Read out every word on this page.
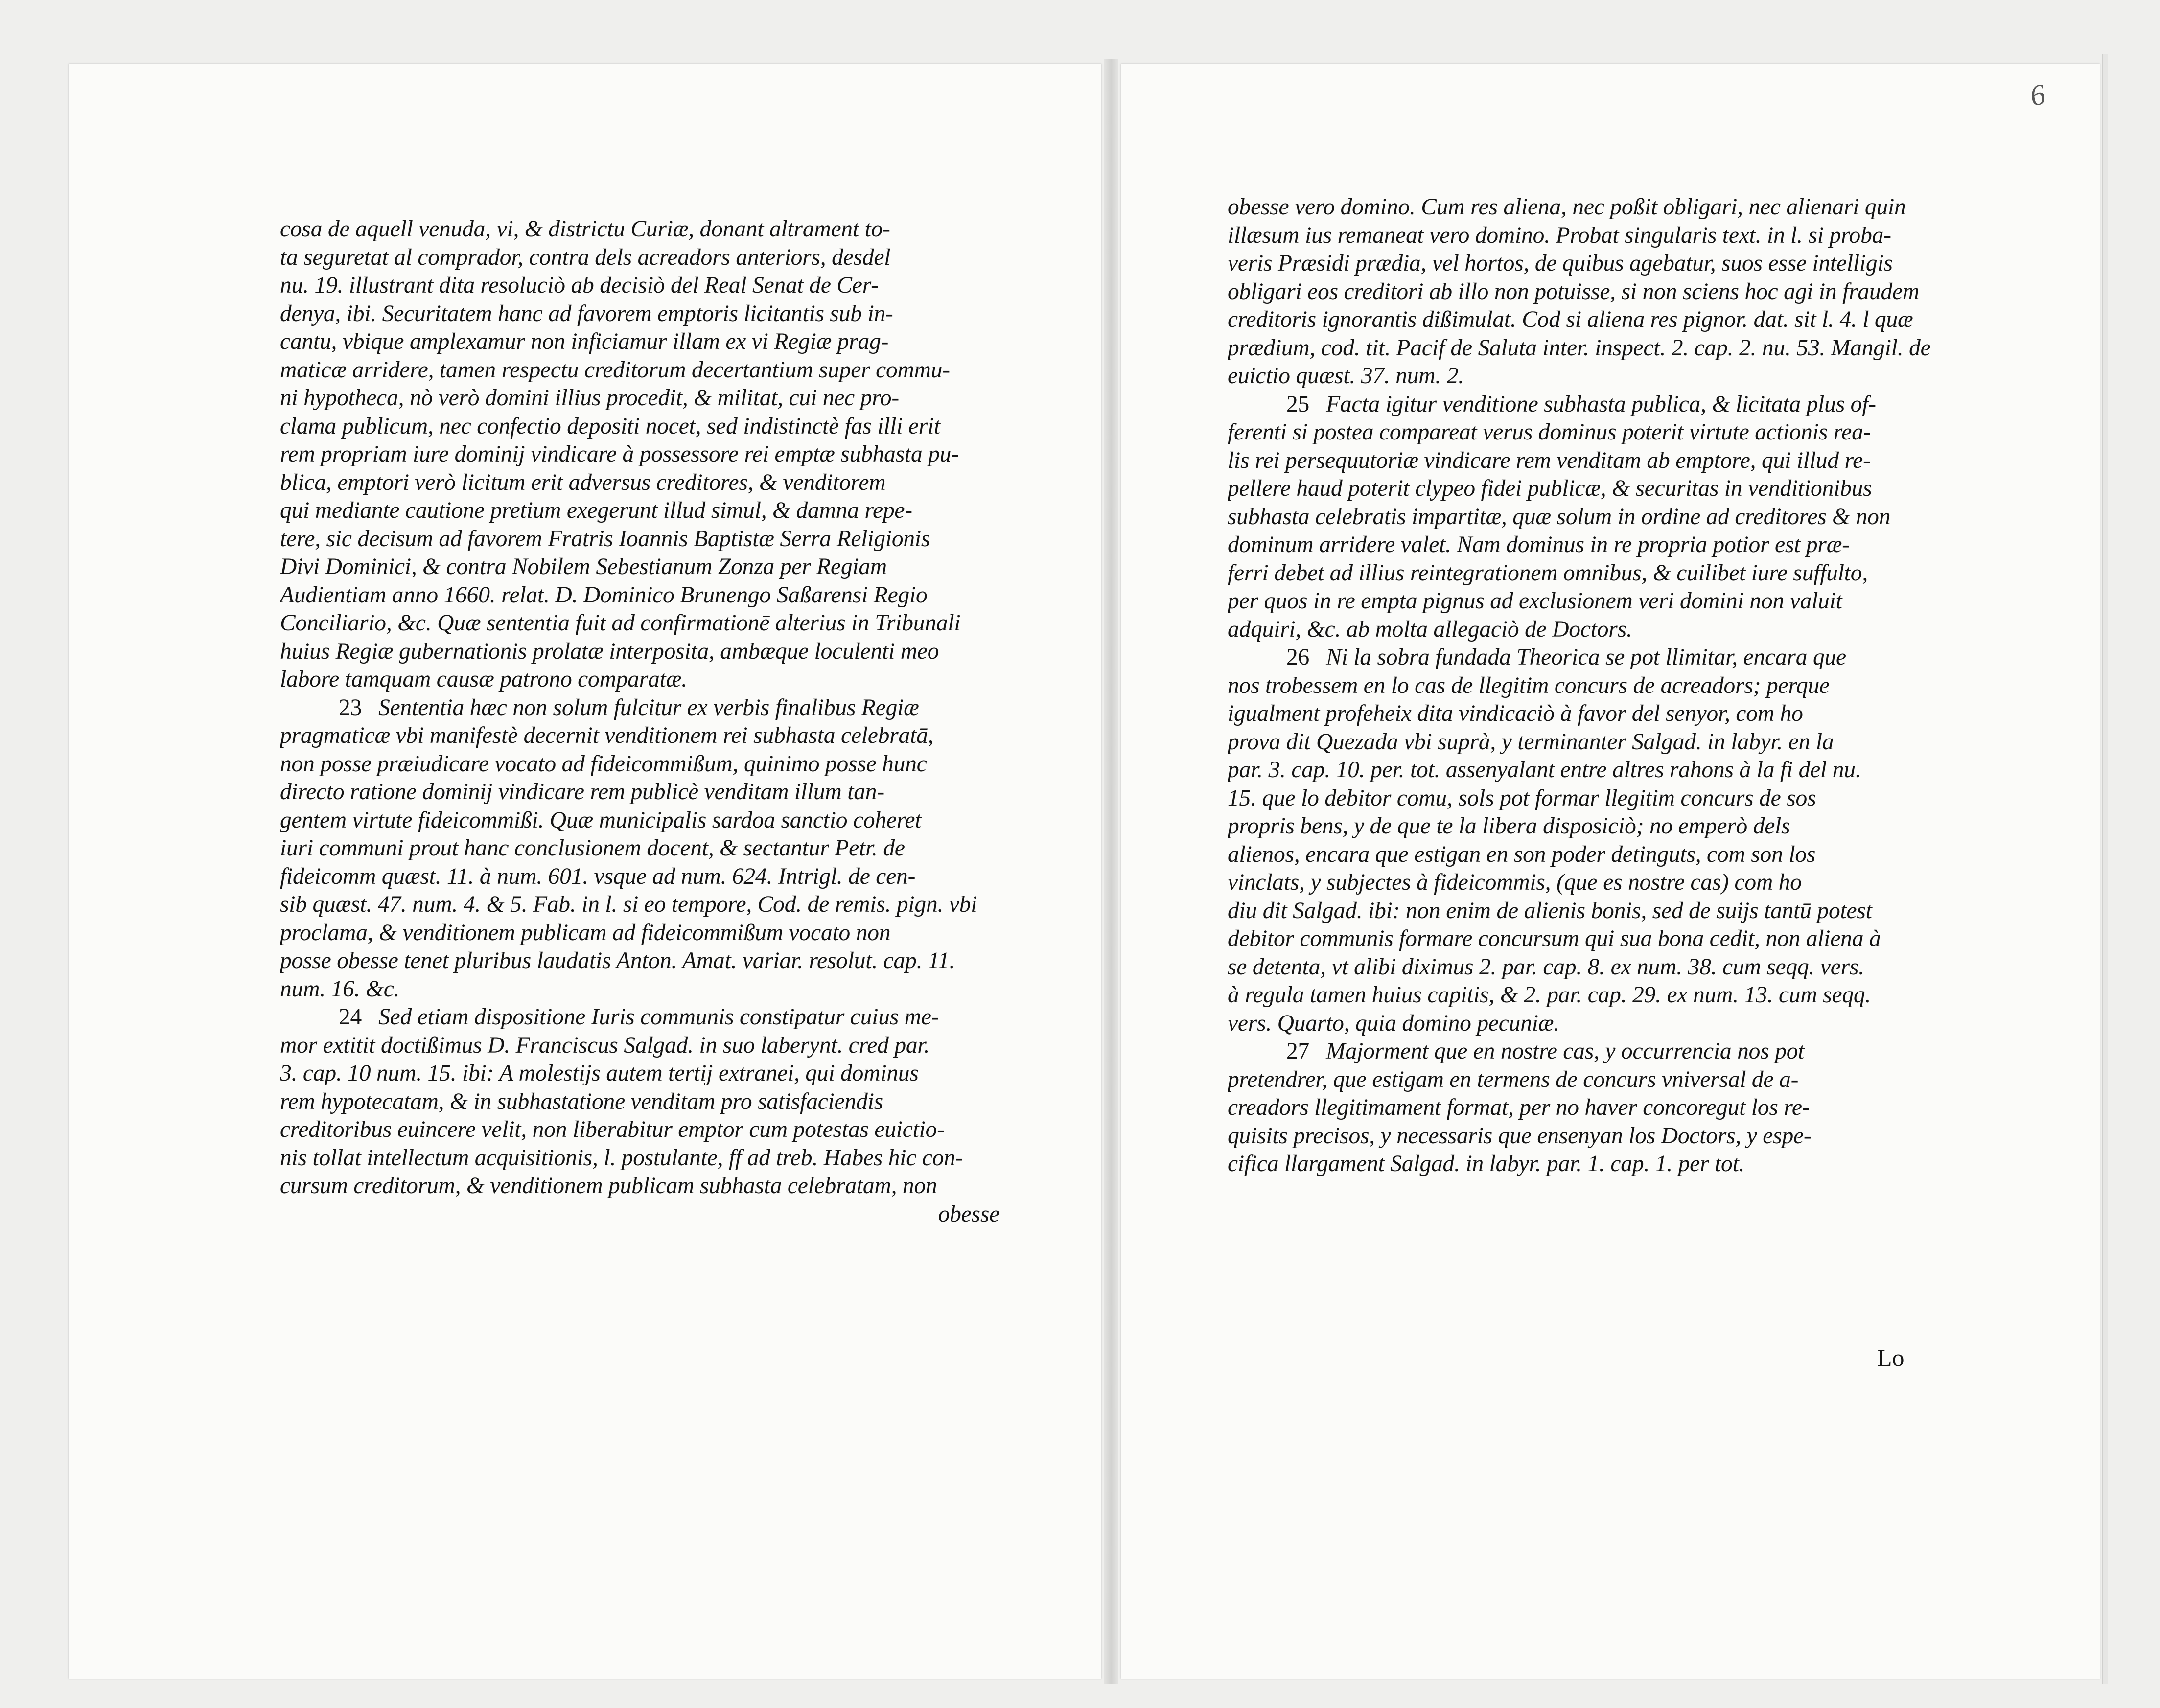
cosa de aquell venuda, vi, & districtu Curiæ, donant altrament to-
ta seguretat al comprador, contra dels acreadors anteriors, desdel
nu. 19. illustrant dita resoluciò ab decisiò del Real Senat de Cer-
denya, ibi. Securitatem hanc ad favorem emptoris licitantis sub in-
cantu, vbique amplexamur non inficiamur illam ex vi Regiæ prag-
maticæ arridere, tamen respectu creditorum decertantium super commu-
ni hypotheca, nò verò domini illius procedit, & militat, cui nec pro-
clama publicum, nec confectio depositi nocet, sed indistinctè fas illi erit
rem propriam iure dominij vindicare à possessore rei emptæ subhasta pu-
blica, emptori verò licitum erit adversus creditores, & venditorem
qui mediante cautione pretium exegerunt illud simul, & damna repe-
tere, sic decisum ad favorem Fratris Ioannis Baptistæ Serra Religionis
Divi Dominici, & contra Nobilem Sebestianum Zonza per Regiam
Audientiam anno 1660. relat. D. Dominico Brunengo Saßarensi Regio
Conciliario, &c. Quæ sententia fuit ad confirmationē alterius in Tribunali
huius Regiæ gubernationis prolatæ interposita, ambæque loculenti meo
labore tamquam causæ patrono comparatæ.
23 Sententia hæc non solum fulcitur ex verbis finalibus Regiæ
pragmaticæ vbi manifestè decernit venditionem rei subhasta celebratā,
non posse præiudicare vocato ad fideicommißum, quinimo posse hunc
directo ratione dominij vindicare rem publicè venditam illum tan-
gentem virtute fideicommißi. Quæ municipalis sardoa sanctio coheret
iuri communi prout hanc conclusionem docent, & sectantur Petr. de
fideicomm quæst. 11. à num. 601. vsque ad num. 624. Intrigl. de cen-
sib quæst. 47. num. 4. & 5. Fab. in l. si eo tempore, Cod. de remis. pign. vbi
proclama, & venditionem publicam ad fideicommißum vocato non
posse obesse tenet pluribus laudatis Anton. Amat. variar. resolut. cap. 11.
num. 16. &c.
24 Sed etiam dispositione Iuris communis constipatur cuius me-
mor extitit doctißimus D. Franciscus Salgad. in suo laberynt. cred par.
3. cap. 10 num. 15. ibi: A molestijs autem tertij extranei, qui dominus
rem hypotecatam, & in subhastatione venditam pro satisfaciendis
creditoribus euincere velit, non liberabitur emptor cum potestas euictio-
nis tollat intellectum acquisitionis, l. postulante, ff ad treb. Habes hic con-
cursum creditorum, & venditionem publicam subhasta celebratam, non
obesse
obesse vero domino. Cum res aliena, nec poßit obligari, nec alienari quin
illæsum ius remaneat vero domino. Probat singularis text. in l. si proba-
veris Præsidi prædia, vel hortos, de quibus agebatur, suos esse intelligis
obligari eos creditori ab illo non potuisse, si non sciens hoc agi in fraudem
creditoris ignorantis dißimulat. Cod si aliena res pignor. dat. sit l. 4. l quæ
prædium, cod. tit. Pacif de Saluta inter. inspect. 2. cap. 2. nu. 53. Mangil. de
euictio quæst. 37. num. 2.
25 Facta igitur venditione subhasta publica, & licitata plus of-
ferenti si postea compareat verus dominus poterit virtute actionis rea-
lis rei persequutoriæ vindicare rem venditam ab emptore, qui illud re-
pellere haud poterit clypeo fidei publicæ, & securitas in venditionibus
subhasta celebratis impartitæ, quæ solum in ordine ad creditores & non
dominum arridere valet. Nam dominus in re propria potior est præ-
ferri debet ad illius reintegrationem omnibus, & cuilibet iure suffulto,
per quos in re empta pignus ad exclusionem veri domini non valuit
adquiri, &c. ab molta allegaciò de Doctors.
26 Ni la sobra fundada Theorica se pot llimitar, encara que
nos trobessem en lo cas de llegitim concurs de acreadors; perque
igualment profeheix dita vindicaciò à favor del senyor, com ho
prova dit Quezada vbi suprà, y terminanter Salgad. in labyr. en la
par. 3. cap. 10. per. tot. assenyalant entre altres rahons à la fi del nu.
15. que lo debitor comu, sols pot formar llegitim concurs de sos
propris bens, y de que te la libera disposiciò; no emperò dels
alienos, encara que estigan en son poder detinguts, com son los
vinclats, y subjectes à fideicommis, (que es nostre cas) com ho
diu dit Salgad. ibi: non enim de alienis bonis, sed de suijs tantū potest
debitor communis formare concursum qui sua bona cedit, non aliena à
se detenta, vt alibi diximus 2. par. cap. 8. ex num. 38. cum seqq. vers.
à regula tamen huius capitis, & 2. par. cap. 29. ex num. 13. cum seqq.
vers. Quarto, quia domino pecuniæ.
27 Majorment que en nostre cas, y occurrencia nos pot
pretendrer, que estigam en termens de concurs vniversal de a-
creadors llegitimament format, per no haver concoregut los re-
quisits precisos, y necessaris que ensenyan los Doctors, y espe-
cifica llargament Salgad. in labyr. par. 1. cap. 1. per tot.
6
Lo
